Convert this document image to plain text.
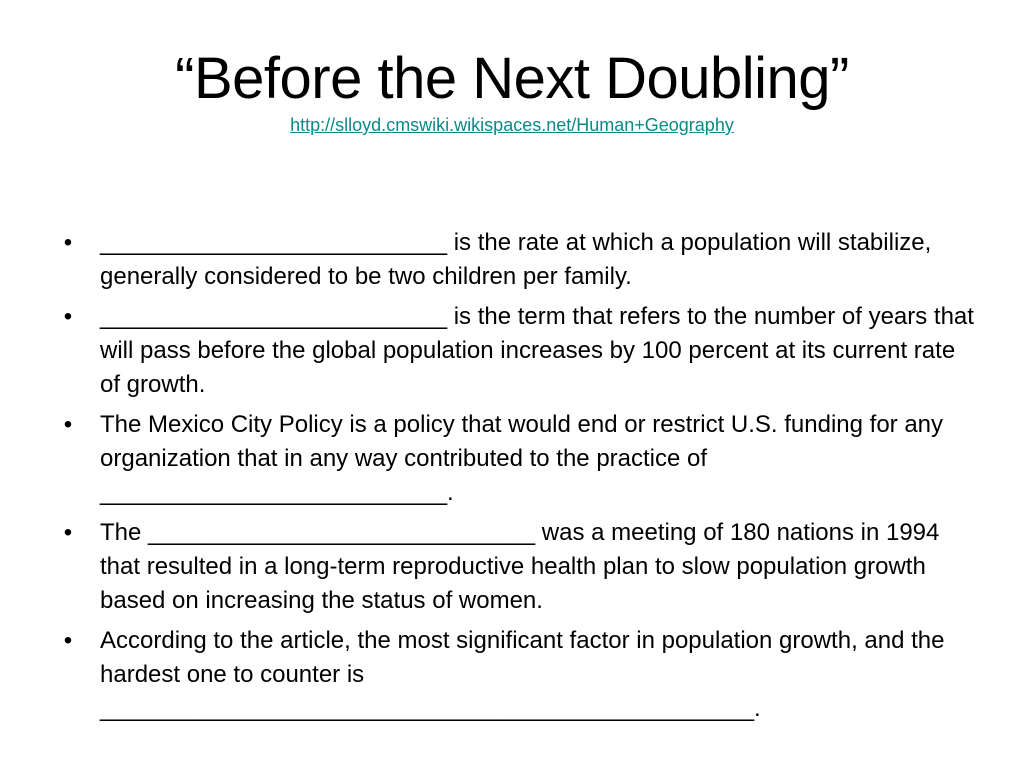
“Before the Next Doubling”
http://slloyd.cmswiki.wikispaces.net/Human+Geography
• __________________________ is the rate at which a population will stabilize, generally considered to be two children per family.
• __________________________ is the term that refers to the number of years that will pass before the global population increases by 100 percent at its current rate of growth.
• The Mexico City Policy is a policy that would end or restrict U.S. funding for any organization that in any way contributed to the practice of __________________________.
• The _____________________________ was a meeting of 180 nations in 1994 that resulted in a long-term reproductive health plan to slow population growth based on increasing the status of women.
• According to the article, the most significant factor in population growth, and the hardest one to counter is _________________________________________________.
